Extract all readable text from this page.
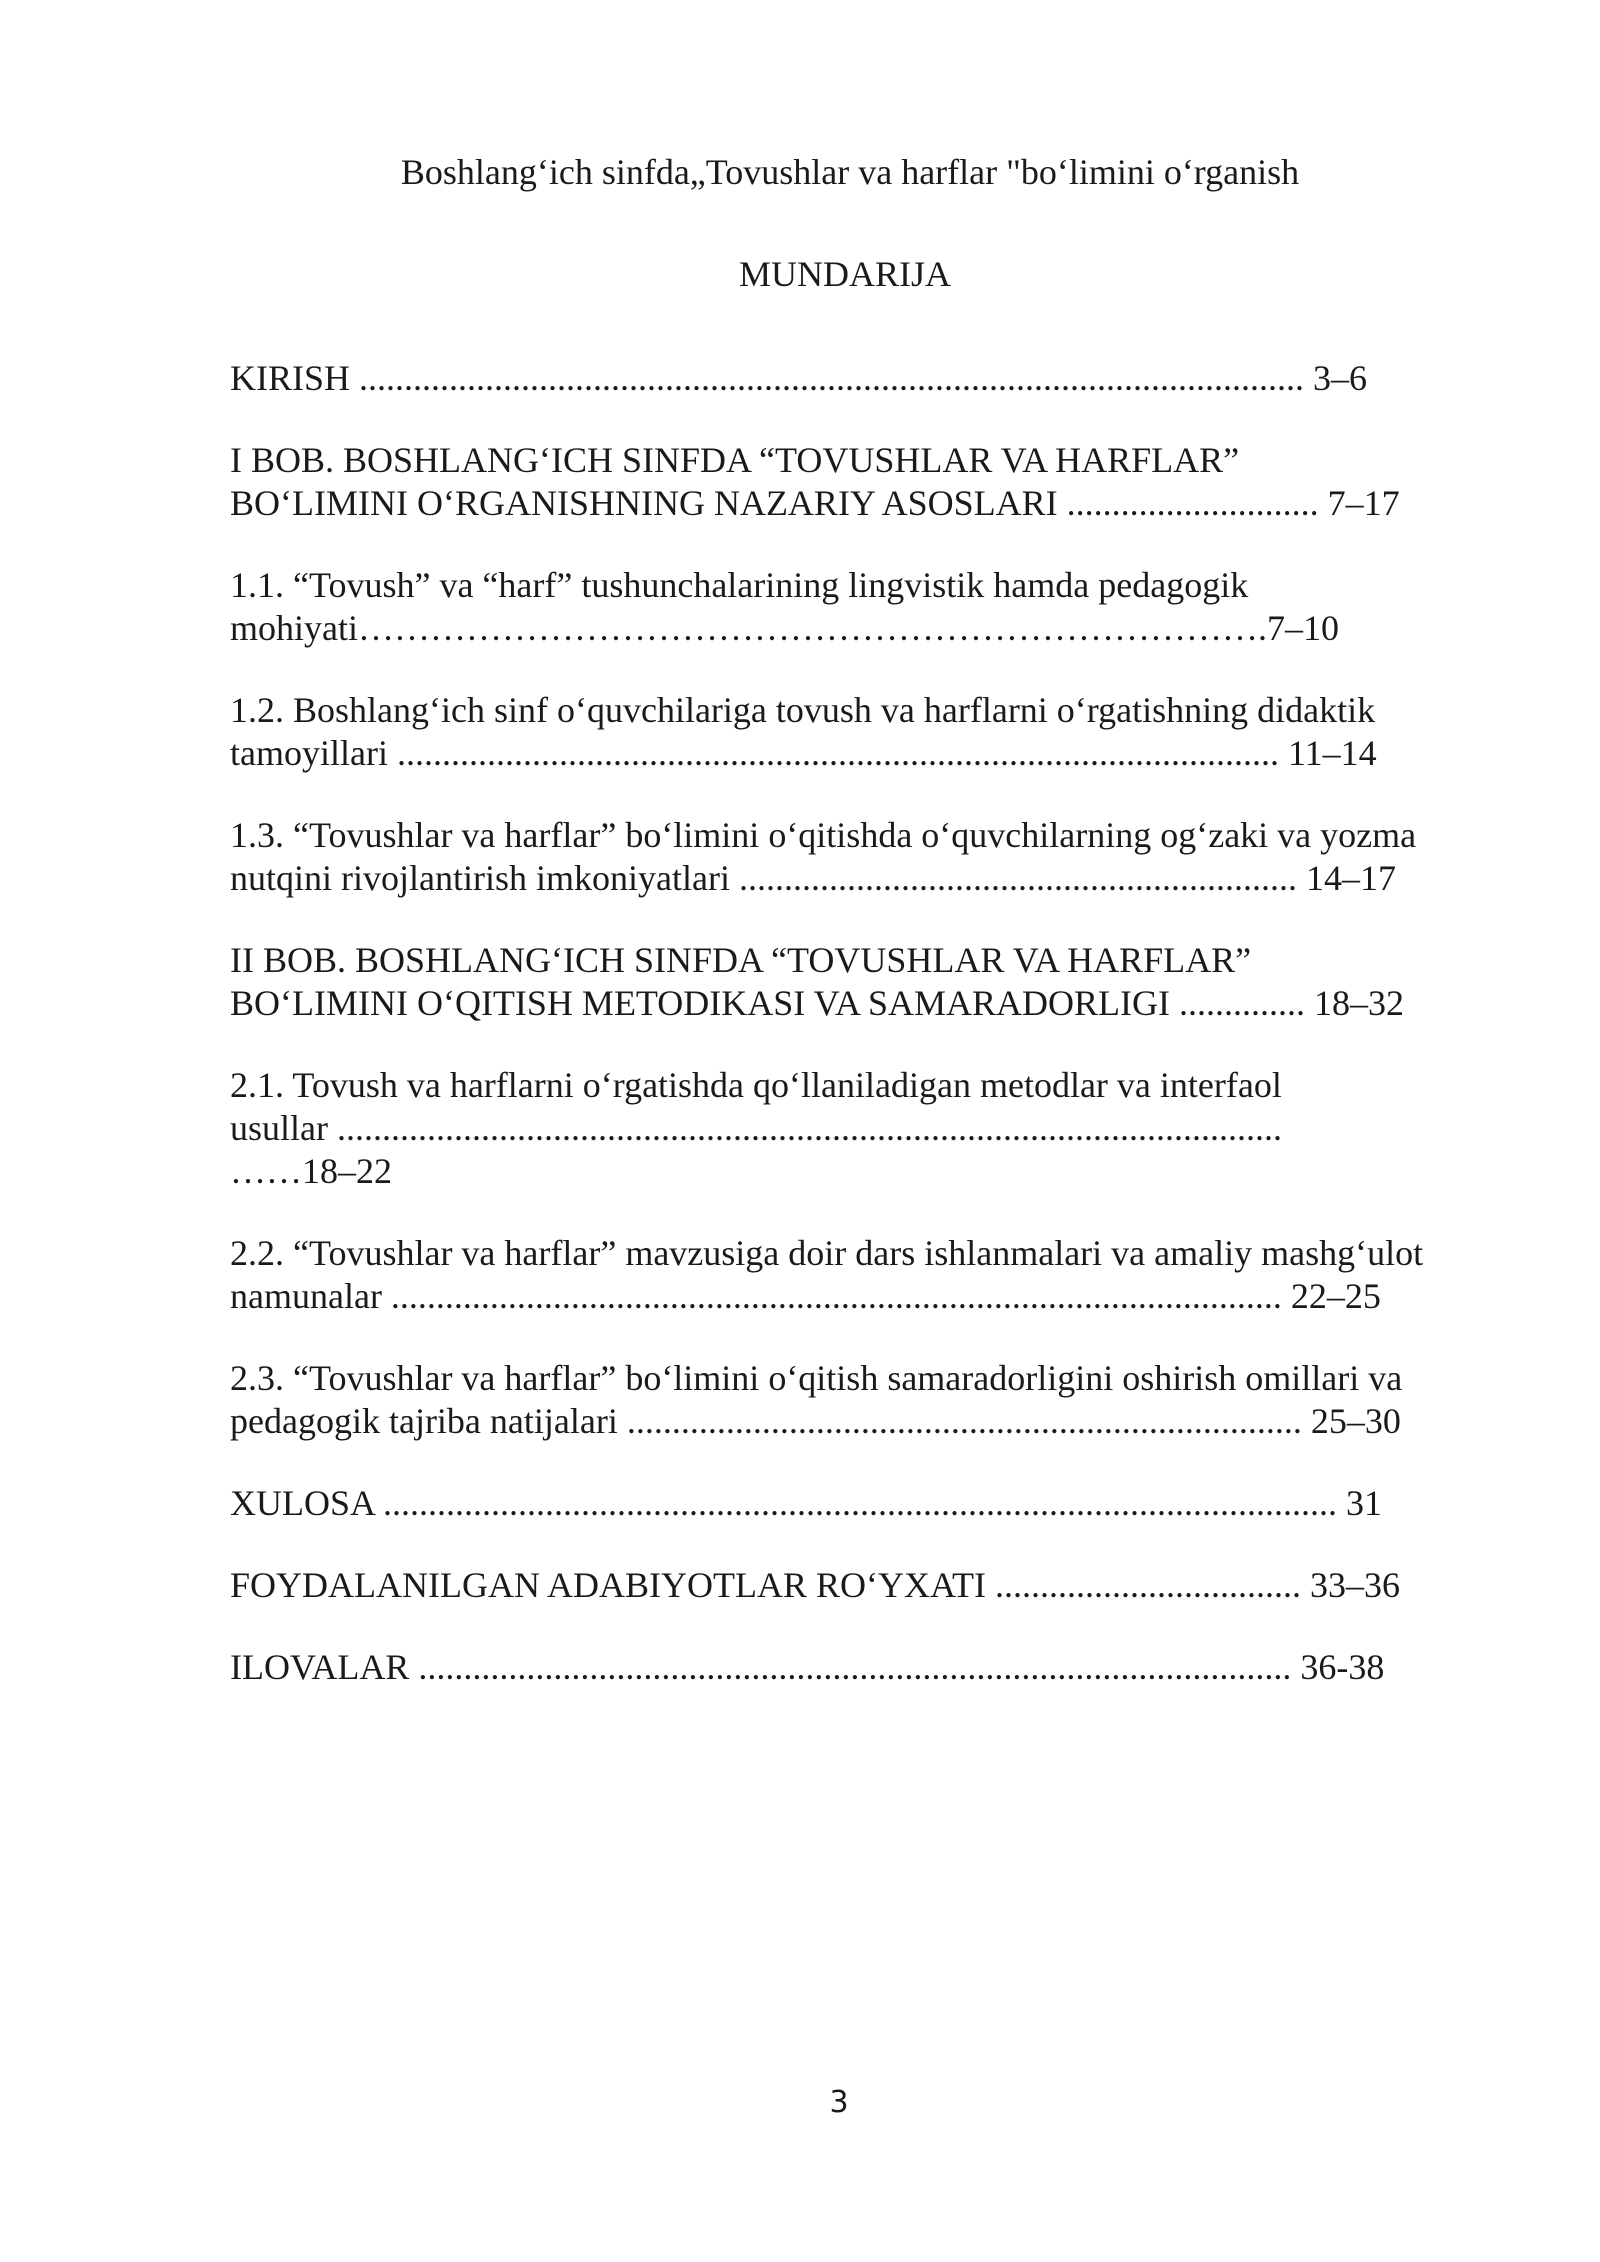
Boshlang‘ich sinfda„Tovushlar va harflar "bo‘limini o‘rganish
MUNDARIJA
KIRISH ......................................................................................................... 3–6
I BOB. BOSHLANG‘ICH SINFDA “TOVUSHLAR VA HARFLAR”
BO‘LIMINI O‘RGANISHNING NAZARIY ASOSLARI ............................ 7–17
1.1. “Tovush” va “harf” tushunchalarining lingvistik hamda pedagogik
mohiyati………………………………………………………………….7–10
1.2. Boshlang‘ich sinf o‘quvchilariga tovush va harflarni o‘rgatishning didaktik
tamoyillari .................................................................................................. 11–14
1.3. “Tovushlar va harflar” bo‘limini o‘qitishda o‘quvchilarning og‘zaki va yozma
nutqini rivojlantirish imkoniyatlari .............................................................. 14–17
II BOB. BOSHLANG‘ICH SINFDA “TOVUSHLAR VA HARFLAR”
BO‘LIMINI O‘QITISH METODIKASI VA SAMARADORLIGI .............. 18–32
2.1. Tovush va harflarni o‘rgatishda qo‘llaniladigan metodlar va interfaol
usullar .........................................................................................................
……18–22
2.2. “Tovushlar va harflar” mavzusiga doir dars ishlanmalari va amaliy mashg‘ulot
namunalar ................................................................................................... 22–25
2.3. “Tovushlar va harflar” bo‘limini o‘qitish samaradorligini oshirish omillari va
pedagogik tajriba natijalari ........................................................................... 25–30
XULOSA .......................................................................................................... 31
FOYDALANILGAN ADABIYOTLAR RO‘YXATI .................................. 33–36
ILOVALAR ................................................................................................. 36-38
3
